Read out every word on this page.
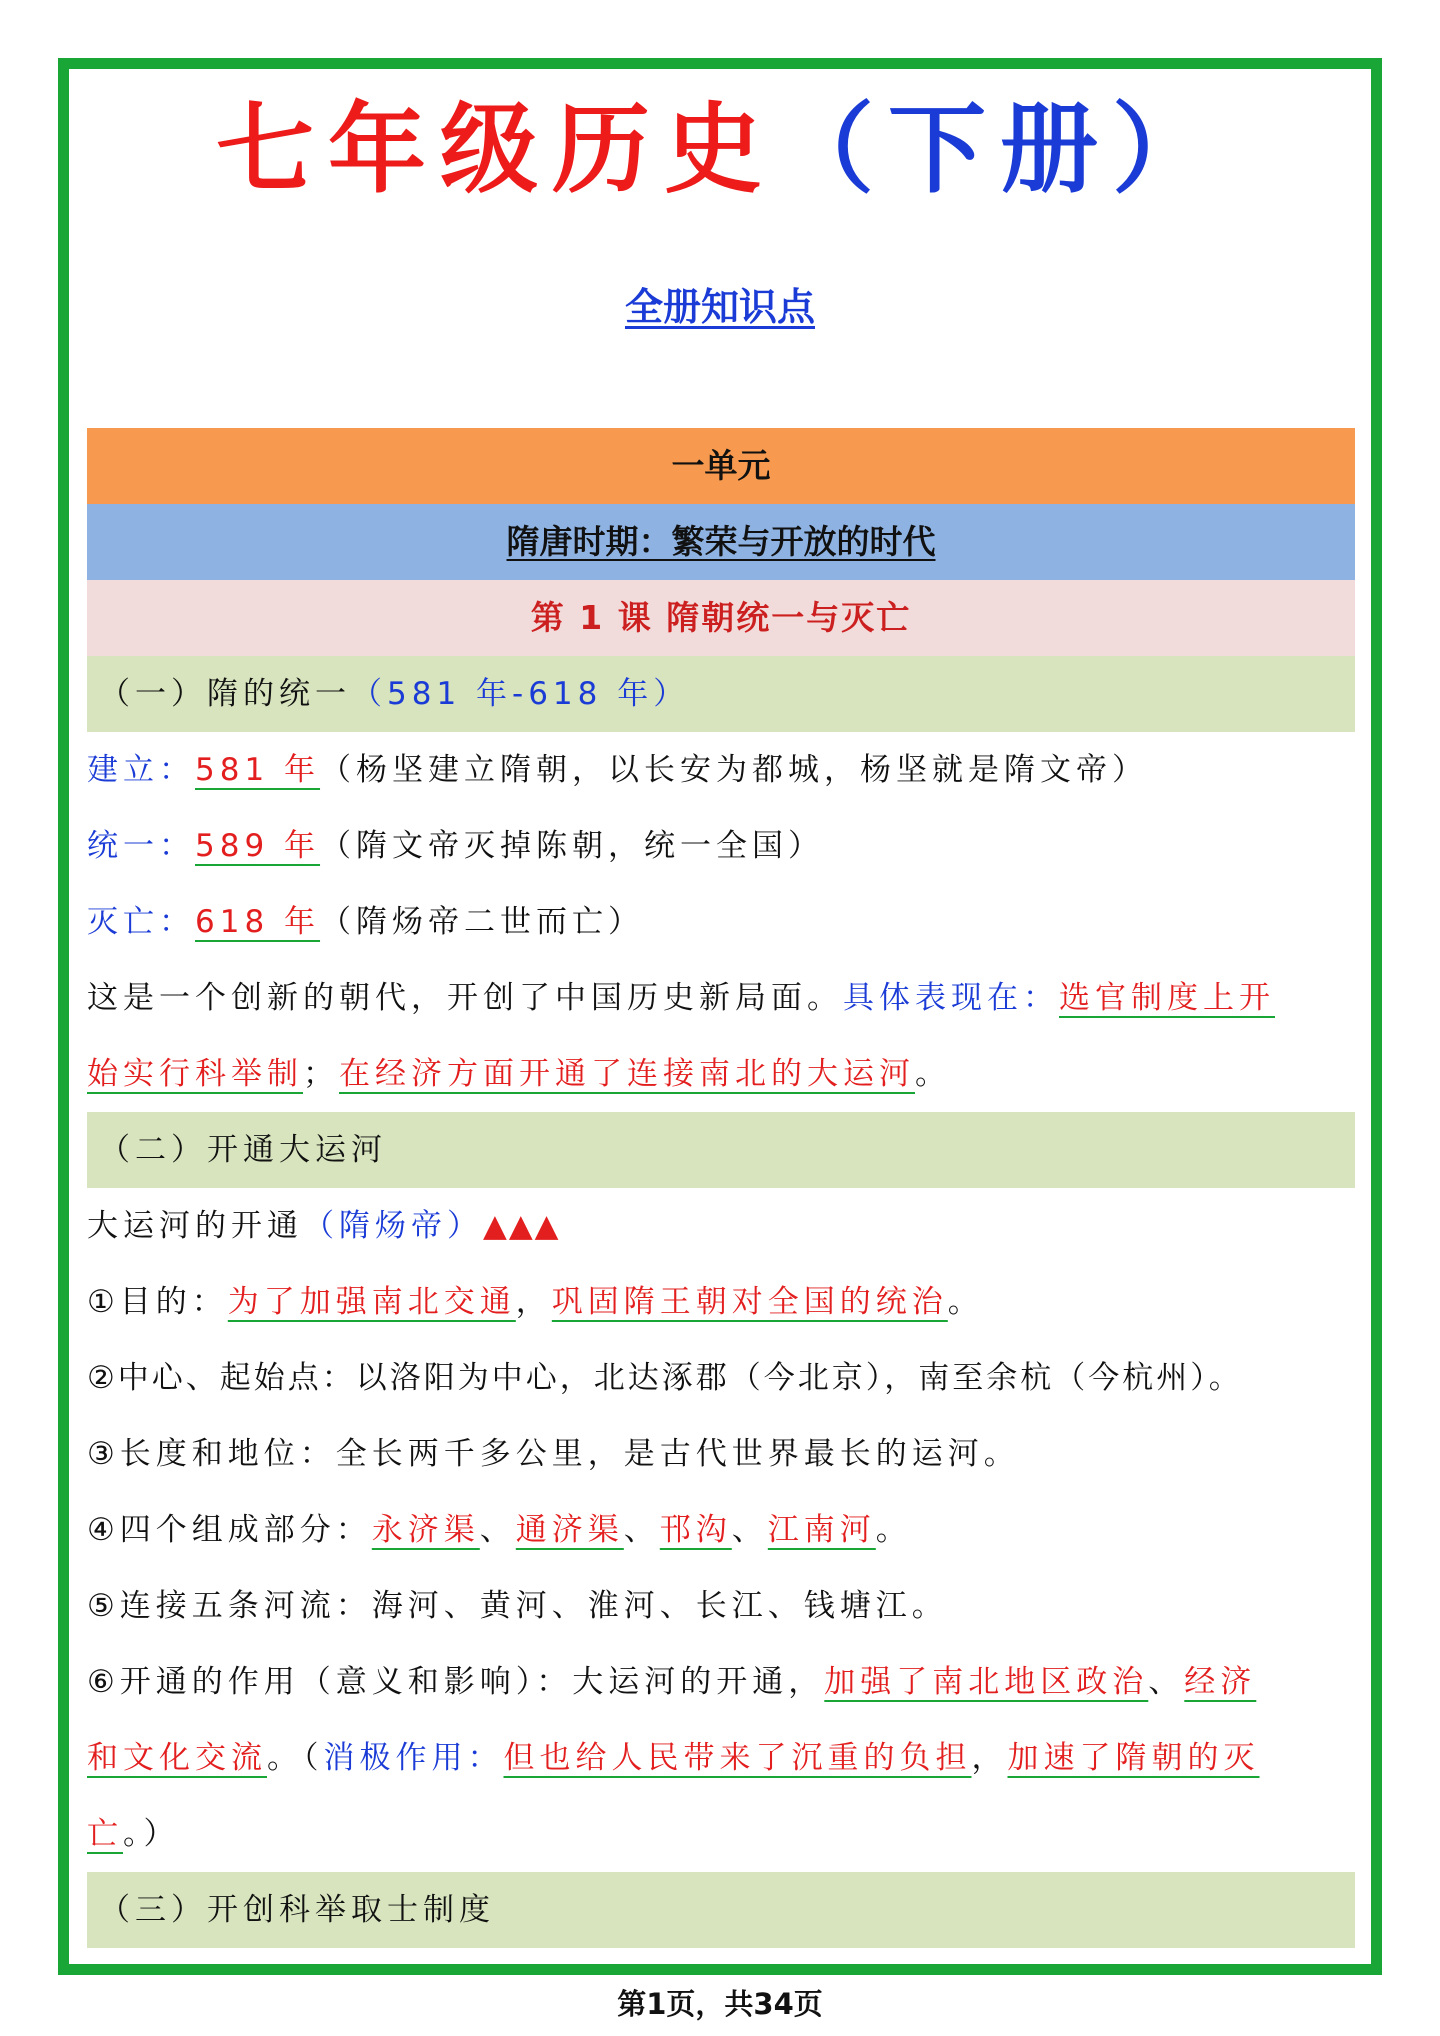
七年级历史（下册）
全册知识点
一单元
隋唐时期：繁荣与开放的时代
第 1 课 隋朝统一与灭亡
（一）隋的统一（581 年-618 年）
建立：581 年（杨坚建立隋朝，以长安为都城，杨坚就是隋文帝）
统一：589 年（隋文帝灭掉陈朝，统一全国）
灭亡：618 年（隋炀帝二世而亡）
这是一个创新的朝代，开创了中国历史新局面。具体表现在：选官制度上开
始实行科举制；在经济方面开通了连接南北的大运河。
（二）开通大运河
大运河的开通（隋炀帝）▲▲▲
①目的：为了加强南北交通，巩固隋王朝对全国的统治。
②中心、起始点：以洛阳为中心，北达涿郡（今北京），南至余杭（今杭州）。
③长度和地位：全长两千多公里，是古代世界最长的运河。
④四个组成部分：永济渠、通济渠、邗沟、江南河。
⑤连接五条河流：海河、黄河、淮河、长江、钱塘江。
⑥开通的作用（意义和影响）：大运河的开通，加强了南北地区政治、经济
和文化交流。（消极作用：但也给人民带来了沉重的负担，加速了隋朝的灭
亡。）
（三）开创科举取士制度
第1页，共34页
